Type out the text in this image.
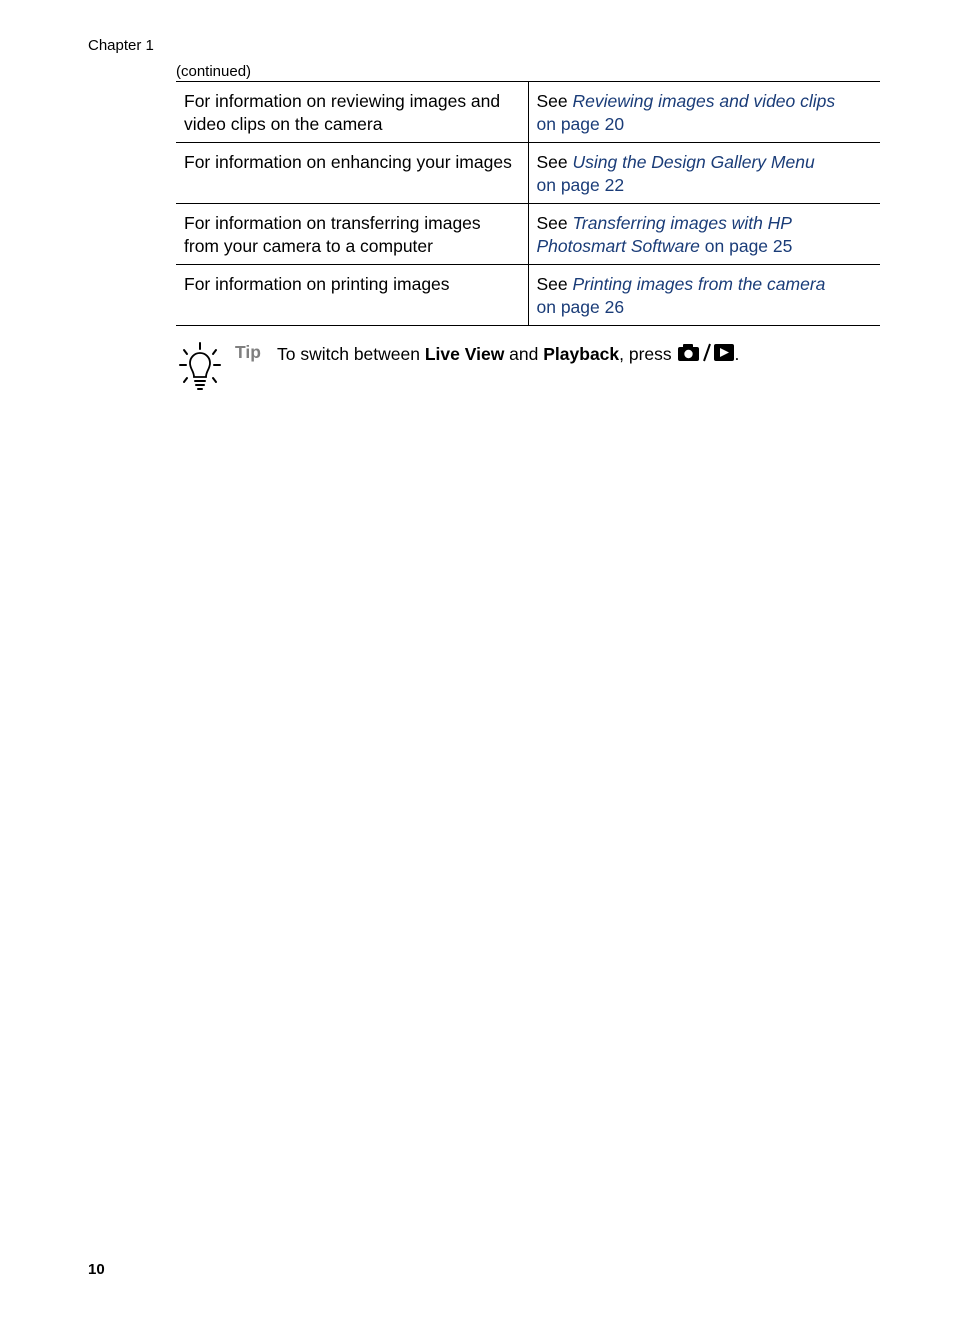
Chapter 1
(continued)
For information on reviewing images and video clips on the camera	See Reviewing images and video clips
on page 20
For information on enhancing your images	See Using the Design Gallery Menu
on page 22
For information on transferring images from your camera to a computer	See Transferring images with HP Photosmart Software on page 25
For information on printing images	See Printing images from the camera
on page 26
Tip To switch between Live View and Playback, press	.
10
